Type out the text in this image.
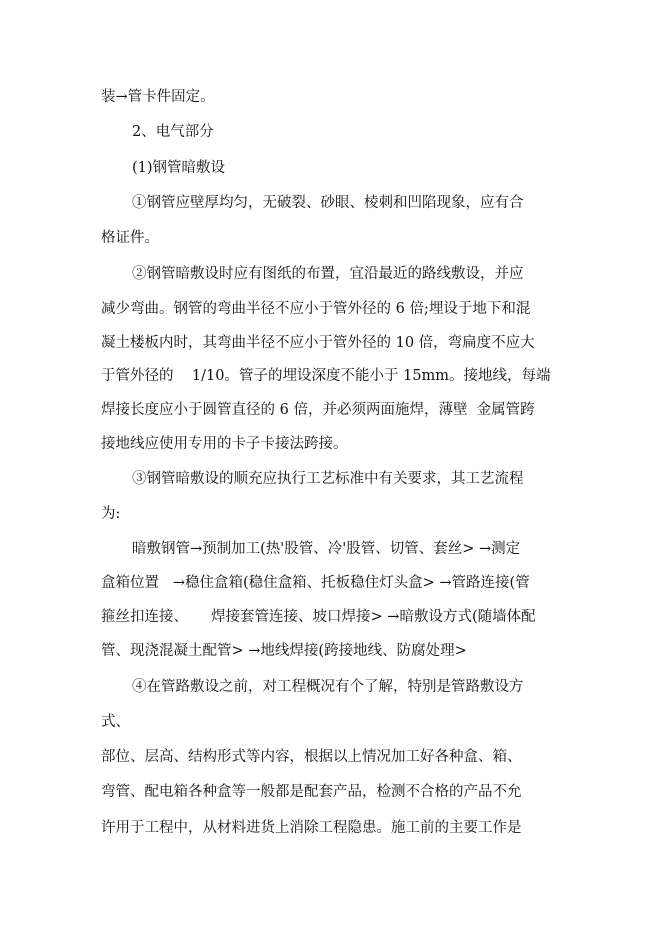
装→管卡件固定。
2、电气部分
(1)钢管暗敷设
①钢管应壁厚均匀，无破裂、砂眼、棱刺和凹陷现象，应有合
格证件。
②钢管暗敷设时应有图纸的布置，宜沿最近的路线敷设，并应
减少弯曲。钢管的弯曲半径不应小于管外径的 6 倍;埋设于地下和混
凝土楼板内时，其弯曲半径不应小于管外径的 10 倍，弯扁度不应大
于管外径的    1/10。管子的埋设深度不能小于 15mm。接地线，每端
焊接长度应小于圆管直径的 6 倍，并必须两面施焊，薄壁  金属管跨
接地线应使用专用的卡子卡接法跨接。
③钢管暗敷设的顺充应执行工艺标准中有关要求，其工艺流程
为:
暗敷钢管→预制加工(热'股管、冷'股管、切管、套丝> →测定
盒箱位置   →稳住盒箱(稳住盒箱、托板稳住灯头盒> →管路连接(管
箍丝扣连接、     焊接套管连接、坡口焊接> →暗敷设方式(随墙体配
管、现浇混凝土配管> →地线焊接(跨接地线、防腐处理>
④在管路敷设之前，对工程概况有个了解，特别是管路敷设方
式、
部位、层高、结构形式等内容，根据以上情况加工好各种盒、箱、
弯管、配电箱各种盒等一般都是配套产品，检测不合格的产品不允
许用于工程中，从材料进货上消除工程隐患。施工前的主要工作是
